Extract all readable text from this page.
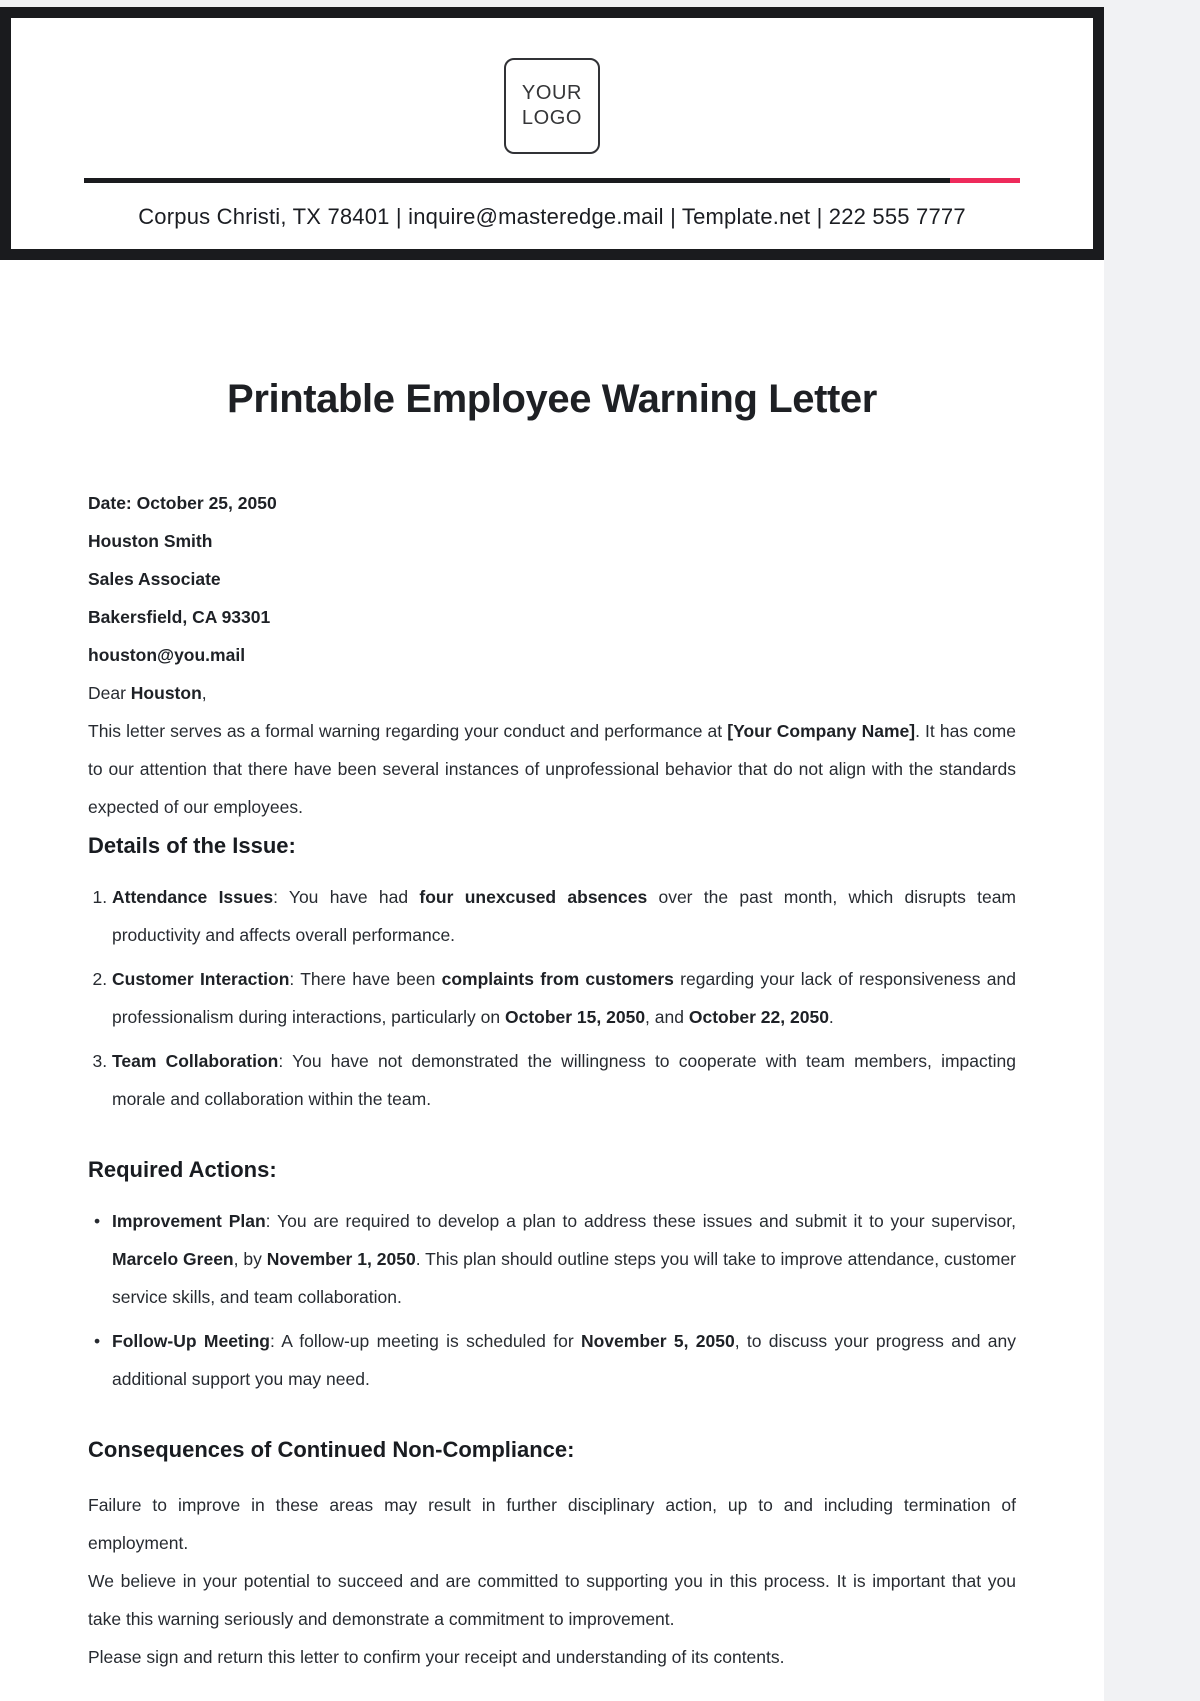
YOUR
LOGO
Corpus Christi, TX 78401 | inquire@masteredge.mail | Template.net | 222 555 7777
Printable Employee Warning Letter

Date: October 25, 2050

Houston Smith

Sales Associate

Bakersfield, CA 93301

houston@you.mail

Dear Houston,

This letter serves as a formal warning regarding your conduct and performance at [Your Company Name]. It has come to our attention that there have been several instances of unprofessional behavior that do not align with the standards expected of our employees.

Details of the Issue:
1. Attendance Issues: You have had four unexcused absences over the past month, which disrupts team productivity and affects overall performance.
2. Customer Interaction: There have been complaints from customers regarding your lack of responsiveness and professionalism during interactions, particularly on October 15, 2050, and October 22, 2050.
3. Team Collaboration: You have not demonstrated the willingness to cooperate with team members, impacting morale and collaboration within the team.
Required Actions:
• Improvement Plan: You are required to develop a plan to address these issues and submit it to your supervisor, Marcelo Green, by November 1, 2050. This plan should outline steps you will take to improve attendance, customer service skills, and team collaboration.
• Follow-Up Meeting: A follow-up meeting is scheduled for November 5, 2050, to discuss your progress and any additional support you may need.
Consequences of Continued Non-Compliance:

Failure to improve in these areas may result in further disciplinary action, up to and including termination of employment.

We believe in your potential to succeed and are committed to supporting you in this process. It is important that you take this warning seriously and demonstrate a commitment to improvement.

Please sign and return this letter to confirm your receipt and understanding of its contents.
